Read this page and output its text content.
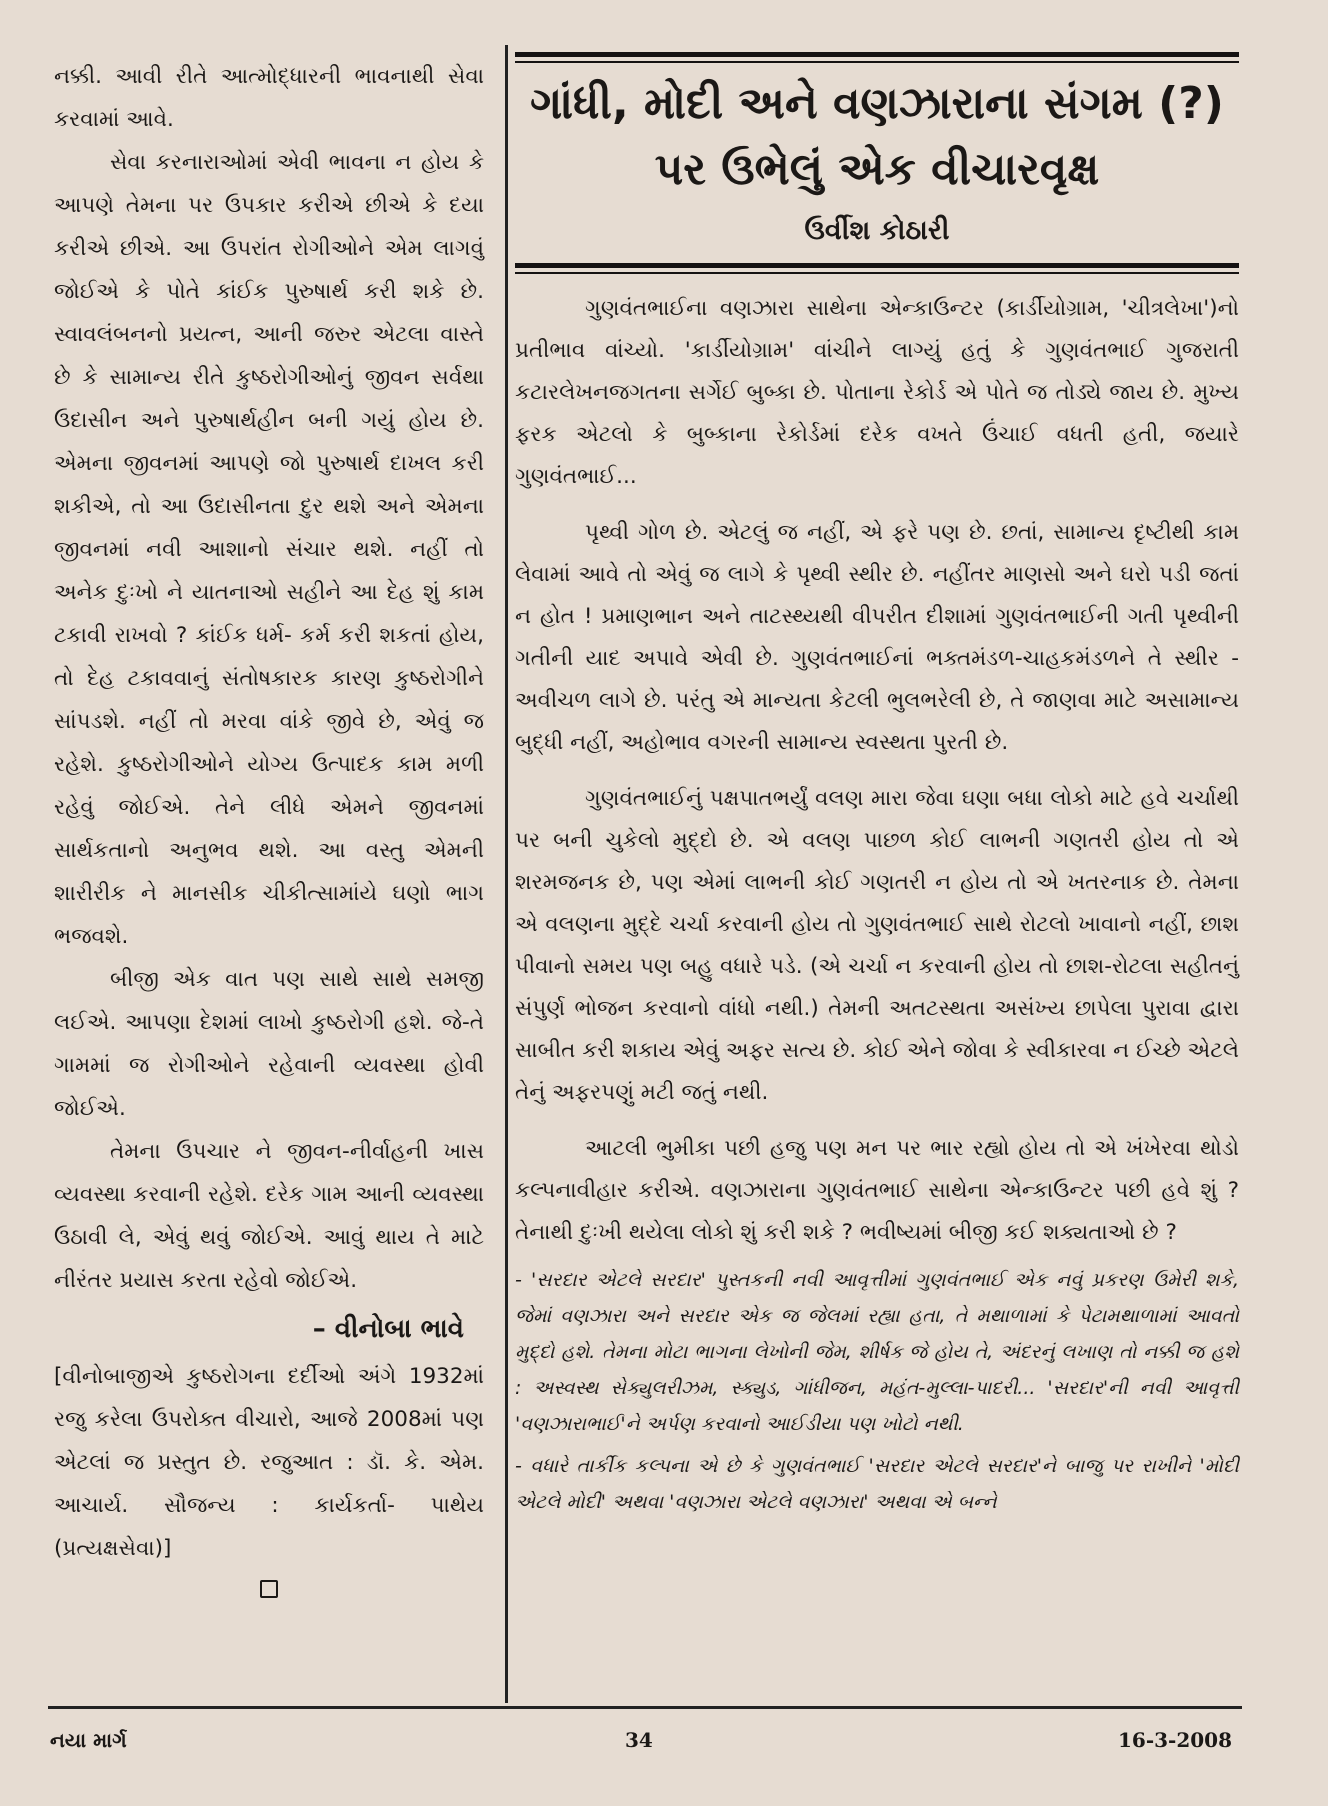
નક્કી. આવી રીતે આત્મોદ્ધારની ભાવનાથી સેવા કરવામાં આવે.

સેવા કરનારાઓમાં એવી ભાવના ન હોય કે આપણે તેમના પર ઉપકાર કરીએ છીએ કે દયા કરીએ છીએ. આ ઉપરાંત રોગીઓને એમ લાગવું જોઈએ કે પોતે કાંઈક પુરુષાર્થ કરી શકે છે. સ્વાવલંબનનો પ્રયત્ન, આની જરુર એટલા વાસ્તે છે કે સામાન્ય રીતે કુષ્ઠરોગીઓનું જીવન સર્વથા ઉદાસીન અને પુરુષાર્થહીન બની ગયું હોય છે. એમના જીવનમાં આપણે જો પુરુષાર્થ દાખલ કરી શકીએ, તો આ ઉદાસીનતા દુર થશે અને એમના જીવનમાં નવી આશાનો સંચાર થશે. નહીં તો અનેક દુઃખો ને યાતનાઓ સહીને આ દેહ શું કામ ટકાવી રાખવો ? કાંઈક ધર્મ- કર્મ કરી શકતાં હોય, તો દેહ ટકાવવાનું સંતોષકારક કારણ કુષ્ઠરોગીને સાંપડશે. નહીં તો મરવા વાંકે જીવે છે, એવું જ રહેશે. કુષ્ઠરોગીઓને યોગ્ય ઉત્પાદક કામ મળી રહેવું જોઈએ. તેને લીધે એમને જીવનમાં સાર્થકતાનો અનુભવ થશે. આ વસ્તુ એમની શારીરીક ને માનસીક ચીકીત્સામાંયે ઘણો ભાગ ભજવશે.

બીજી એક વાત પણ સાથે સાથે સમજી લઈએ. આપણા દેશમાં લાખો કુષ્ઠરોગી હશે. જે-તે ગામમાં જ રોગીઓને રહેવાની વ્યવસ્થા હોવી જોઈએ.

તેમના ઉપચાર ને જીવન-નીર્વાહની ખાસ વ્યવસ્થા કરવાની રહેશે. દરેક ગામ આની વ્યવસ્થા ઉઠાવી લે, એવું થવું જોઈએ. આવું થાય તે માટે નીરંતર પ્રયાસ કરતા રહેવો જોઈએ.

– વીનોબા ભાવે

[વીનોબાજીએ કુષ્ઠરોગના દર્દીઓ અંગે 1932માં રજુ કરેલા ઉપરોક્ત વીચારો, આજે 2008માં પણ એટલાં જ પ્રસ્તુત છે. રજુઆત : ડૉ. કે. એમ. આચાર્ય. સૌજન્ય : કાર્યકર્તા- પાથેય (પ્રત્યક્ષસેવા)]

ગાંધી, મોદી અને વણઝારાના સંગમ (?) પર ઉભેલું એક વીચારવૃક્ષ
ઉર્વીશ કોઠારી

ગુણવંતભાઈના વણઝારા સાથેના એન્કાઉન્ટર (કાર્ડીયોગ્રામ, 'ચીત્રલેખા')નો પ્રતીભાવ વાંચ્યો. 'કાર્ડીયોગ્રામ' વાંચીને લાગ્યું હતું કે ગુણવંતભાઈ ગુજરાતી કટારલેખનજગતના સર્ગેઈ બુબ્કા છે. પોતાના રેકોર્ડ એ પોતે જ તોડ્યે જાય છે. મુખ્ય ફરક એટલો કે બુબ્કાના રેકોર્ડમાં દરેક વખતે ઉંચાઈ વધતી હતી, જયારે ગુણવંતભાઈ...

પૃથ્વી ગોળ છે. એટલું જ નહીં, એ ફરે પણ છે. છતાં, સામાન્ય દૃષ્ટીથી કામ લેવામાં આવે તો એવું જ લાગે કે પૃથ્વી સ્થીર છે. નહીંતર માણસો અને ઘરો પડી જતાં ન હોત ! પ્રમાણભાન અને તાટસ્થ્યથી વીપરીત દીશામાં ગુણવંતભાઈની ગતી પૃથ્વીની ગતીની યાદ અપાવે એવી છે. ગુણવંતભાઈનાં ભક્તમંડળ-ચાહકમંડળને તે સ્થીર - અવીચળ લાગે છે. પરંતુ એ માન્યતા કેટલી ભુલભરેલી છે, તે જાણવા માટે અસામાન્ય બુદ્ધી નહીં, અહોભાવ વગરની સામાન્ય સ્વસ્થતા પુરતી છે.

ગુણવંતભાઈનું પક્ષપાતભર્યું વલણ મારા જેવા ઘણા બધા લોકો માટે હવે ચર્ચાથી પર બની ચુકેલો મુદ્દો છે. એ વલણ પાછળ કોઈ લાભની ગણતરી હોય તો એ શરમજનક છે, પણ એમાં લાભની કોઈ ગણતરી ન હોય તો એ ખતરનાક છે. તેમના એ વલણના મુદ્દે ચર્ચા કરવાની હોય તો ગુણવંતભાઈ સાથે રોટલો ખાવાનો નહીં, છાશ પીવાનો સમય પણ બહુ વધારે પડે. (એ ચર્ચા ન કરવાની હોય તો છાશ-રોટલા સહીતનું સંપુર્ણ ભોજન કરવાનો વાંધો નથી.) તેમની અતટસ્થતા અસંખ્ય છાપેલા પુરાવા દ્વારા સાબીત કરી શકાય એવું અફર સત્ય છે. કોઈ એને જોવા કે સ્વીકારવા ન ઈચ્છે એટલે તેનું અફરપણું મટી જતું નથી.

આટલી ભુમીકા પછી હજુ પણ મન પર ભાર રહ્યો હોય તો એ ખંખેરવા થોડો કલ્પનાવીહાર કરીએ. વણઝારાના ગુણવંતભાઈ સાથેના એન્કાઉન્ટર પછી હવે શું ? તેનાથી દુઃખી થયેલા લોકો શું કરી શકે ? ભવીષ્યમાં બીજી કઈ શક્યતાઓ છે ?

- 'સરદાર એટલે સરદાર' પુસ્તકની નવી આવૃત્તીમાં ગુણવંતભાઈ એક નવું પ્રકરણ ઉમેરી શકે, જેમાં વણઝારા અને સરદાર એક જ જેલમાં રહ્યા હતા, તે મથાળામાં કે પેટામથાળામાં આવતો મુદ્દો હશે. તેમના મોટા ભાગના લેખોની જેમ, શીર્ષક જે હોય તે, અંદરનું લખાણ તો નક્કી જ હશે : અસ્વસ્થ સેક્યુલરીઝમ, સ્ક્યુડ, ગાંધીજન, મહંત-મુલ્લા-પાદરી... 'સરદાર'ની નવી આવૃત્તી 'વણઝારાભાઈ'ને અર્પણ કરવાનો આઈડીયા પણ ખોટો નથી.

- વધારે તાર્કીક કલ્પના એ છે કે ગુણવંતભાઈ 'સરદાર એટલે સરદાર'ને બાજુ પર રાખીને 'મોદી એટલે મોદી' અથવા 'વણઝારા એટલે વણઝારા' અથવા એ બન્ને

નયા માર્ગ	34	16-3-2008
